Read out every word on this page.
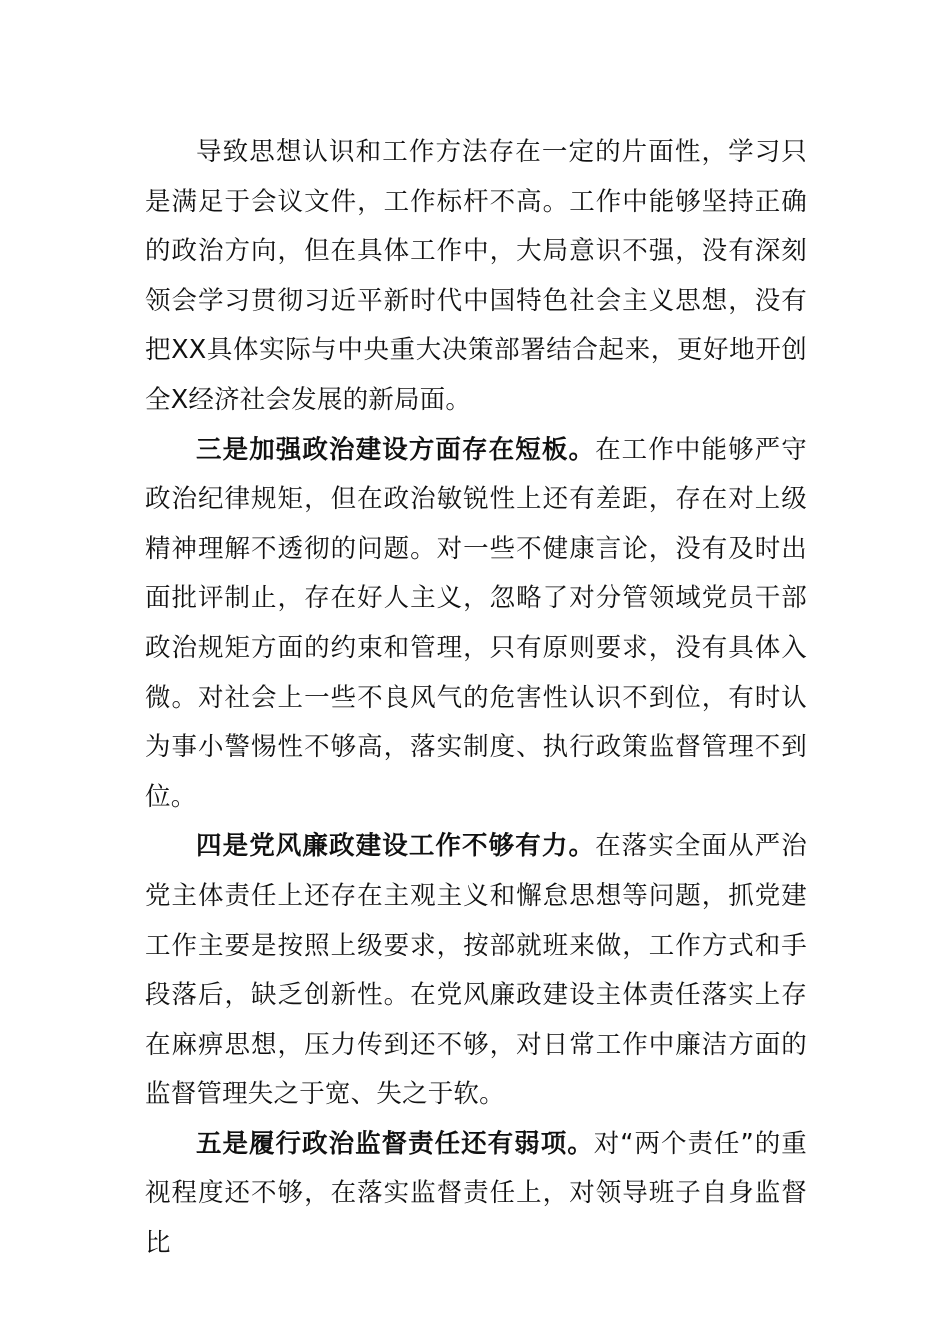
导致思想认识和工作方法存在一定的片面性，学习只是满足于会议文件，工作标杆不高。工作中能够坚持正确的政治方向，但在具体工作中，大局意识不强，没有深刻领会学习贯彻习近平新时代中国特色社会主义思想，没有把XX具体实际与中央重大决策部署结合起来，更好地开创全X经济社会发展的新局面。

三是加强政治建设方面存在短板。在工作中能够严守政治纪律规矩，但在政治敏锐性上还有差距，存在对上级精神理解不透彻的问题。对一些不健康言论，没有及时出面批评制止，存在好人主义，忽略了对分管领域党员干部政治规矩方面的约束和管理，只有原则要求，没有具体入微。对社会上一些不良风气的危害性认识不到位，有时认为事小警惕性不够高，落实制度、执行政策监督管理不到位。

四是党风廉政建设工作不够有力。在落实全面从严治党主体责任上还存在主观主义和懈怠思想等问题，抓党建工作主要是按照上级要求，按部就班来做，工作方式和手段落后，缺乏创新性。在党风廉政建设主体责任落实上存在麻痹思想，压力传到还不够，对日常工作中廉洁方面的监督管理失之于宽、失之于软。

五是履行政治监督责任还有弱项。对“两个责任”的重视程度还不够，在落实监督责任上，对领导班子自身监督比
